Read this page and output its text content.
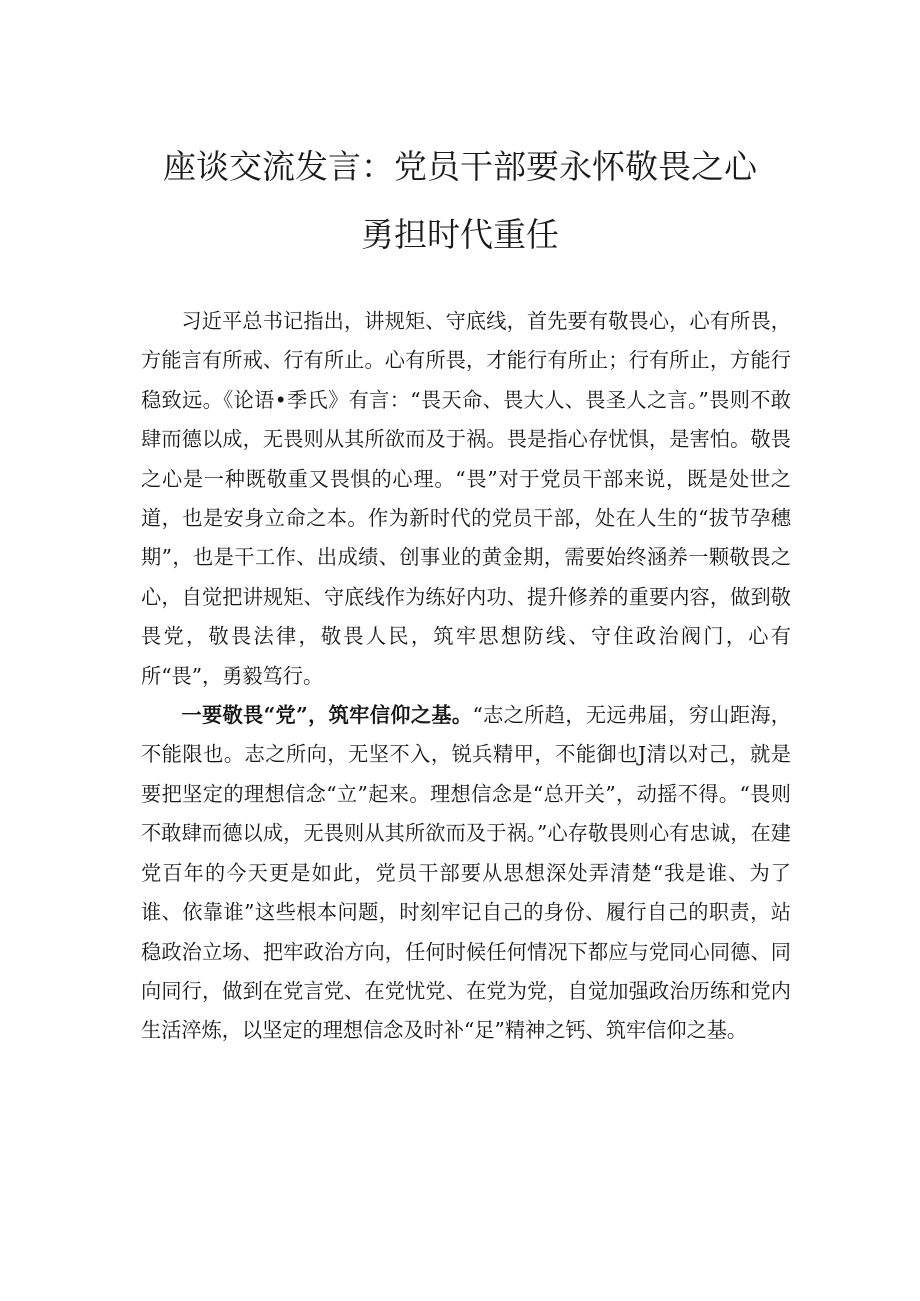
座谈交流发言：党员干部要永怀敬畏之心
勇担时代重任

习近平总书记指出，讲规矩、守底线，首先要有敬畏心，心有所畏，方能言有所戒、行有所止。心有所畏，才能行有所止；行有所止，方能行稳致远。《论语•季氏》有言：“畏天命、畏大人、畏圣人之言。”畏则不敢肆而德以成，无畏则从其所欲而及于祸。畏是指心存忧惧，是害怕。敬畏之心是一种既敬重又畏惧的心理。“畏”对于党员干部来说，既是处世之道，也是安身立命之本。作为新时代的党员干部，处在人生的“拔节孕穗期”，也是干工作、出成绩、创事业的黄金期，需要始终涵养一颗敬畏之心，自觉把讲规矩、守底线作为练好内功、提升修养的重要内容，做到敬畏党，敬畏法律，敬畏人民，筑牢思想防线、守住政治阀门，心有所“畏”，勇毅笃行。

一要敬畏“党”，筑牢信仰之基。“志之所趋，无远弗届，穷山距海，不能限也。志之所向，无坚不入，锐兵精甲，不能御也J清以对己，就是要把坚定的理想信念“立”起来。理想信念是“总开关”，动摇不得。“畏则不敢肆而德以成，无畏则从其所欲而及于祸。”心存敬畏则心有忠诚，在建党百年的今天更是如此，党员干部要从思想深处弄清楚“我是谁、为了谁、依靠谁”这些根本问题，时刻牢记自己的身份、履行自己的职责，站稳政治立场、把牢政治方向，任何时候任何情况下都应与党同心同德、同向同行，做到在党言党、在党忧党、在党为党，自觉加强政治历练和党内生活淬炼，以坚定的理想信念及时补“足”精神之钙、筑牢信仰之基。
